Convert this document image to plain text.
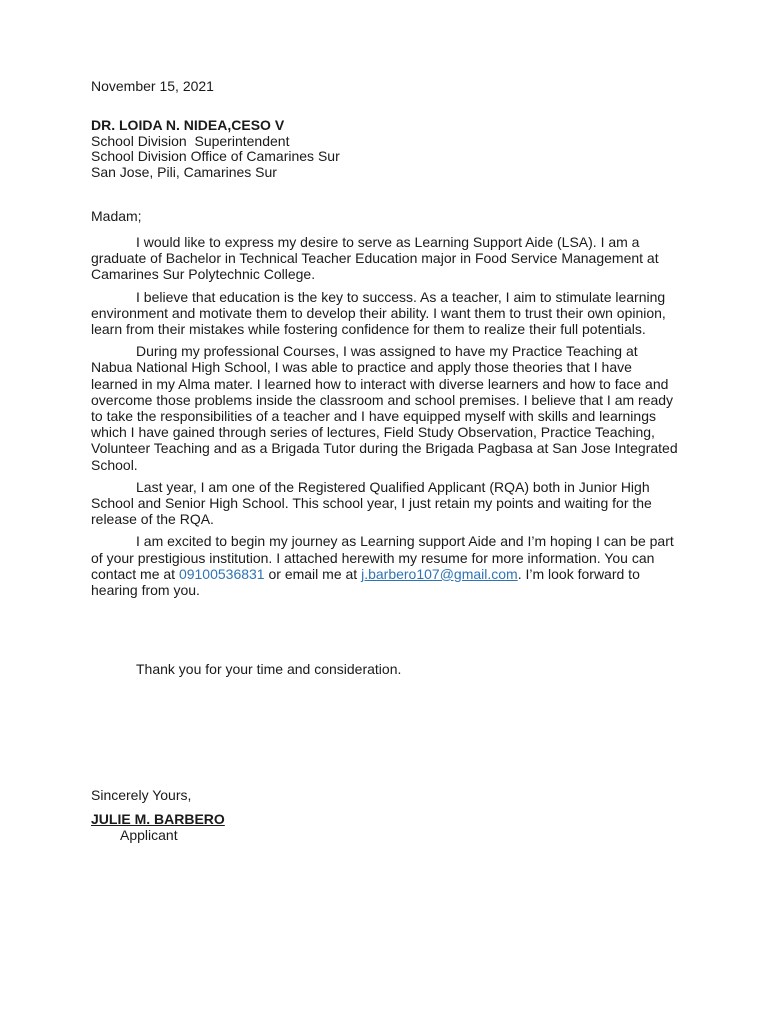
November 15, 2021
DR. LOIDA N. NIDEA,CESO V
School Division  Superintendent
School Division Office of Camarines Sur
San Jose, Pili, Camarines Sur
Madam;

I would like to express my desire to serve as Learning Support Aide (LSA). I am a graduate of Bachelor in Technical Teacher Education major in Food Service Management at Camarines Sur Polytechnic College.

I believe that education is the key to success. As a teacher, I aim to stimulate learning environment and motivate them to develop their ability. I want them to trust their own opinion, learn from their mistakes while fostering confidence for them to realize their full potentials.

During my professional Courses, I was assigned to have my Practice Teaching at Nabua National High School, I was able to practice and apply those theories that I have learned in my Alma mater. I learned how to interact with diverse learners and how to face and overcome those problems inside the classroom and school premises. I believe that I am ready to take the responsibilities of a teacher and I have equipped myself with skills and learnings which I have gained through series of lectures, Field Study Observation, Practice Teaching, Volunteer Teaching and as a Brigada Tutor during the Brigada Pagbasa at San Jose Integrated School.

Last year, I am one of the Registered Qualified Applicant (RQA) both in Junior High School and Senior High School. This school year, I just retain my points and waiting for the release of the RQA.

I am excited to begin my journey as Learning support Aide and I’m hoping I can be part of your prestigious institution. I attached herewith my resume for more information. You can contact me at 09100536831 or email me at j.barbero107@gmail.com. I’m look forward to hearing from you.

Thank you for your time and consideration.
Sincerely Yours,
JULIE M. BARBERO
Applicant
